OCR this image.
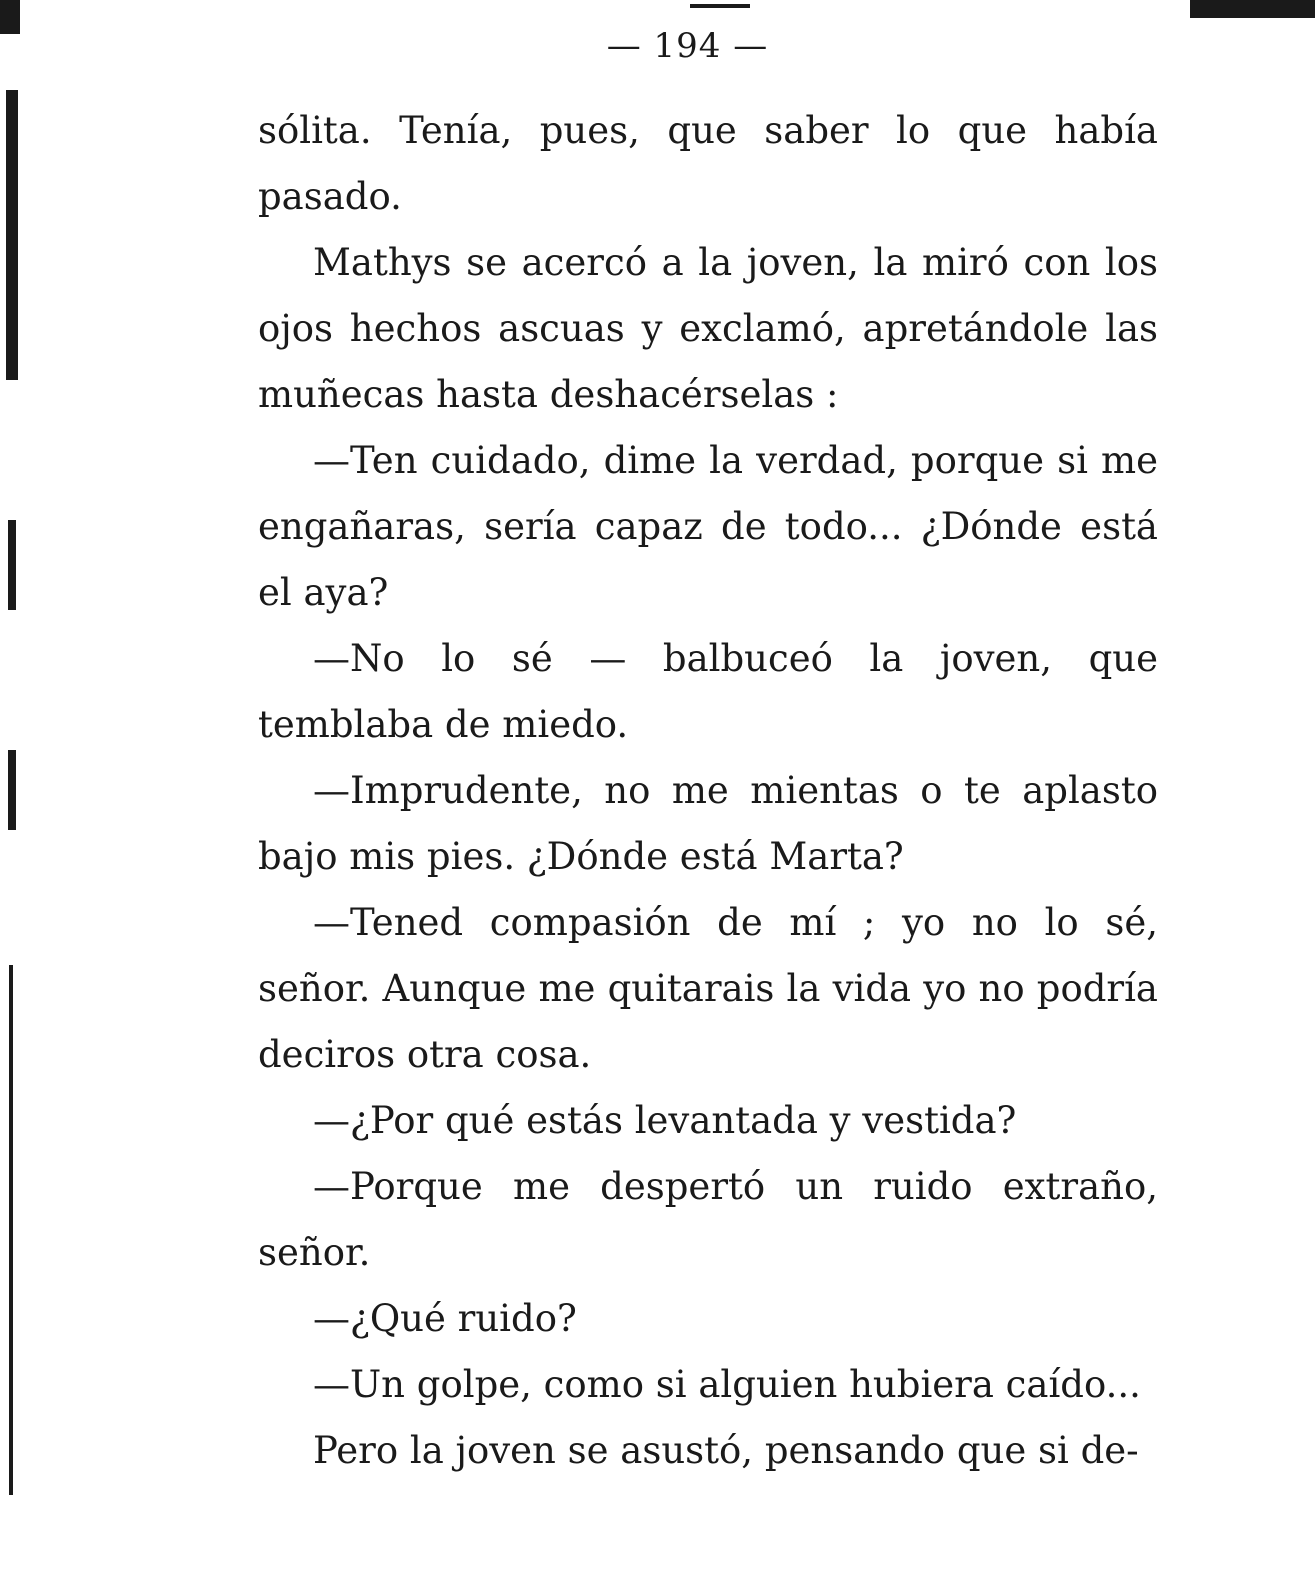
— 194 —

sólita. Tenía, pues, que saber lo que había pasado.

Mathys se acercó a la joven, la miró con los ojos hechos ascuas y exclamó, apretándole las muñecas hasta deshacérselas :

—Ten cuidado, dime la verdad, porque si me engañaras, sería capaz de todo... ¿Dónde está el aya?

—No lo sé — balbuceó la joven, que temblaba de miedo.

—Imprudente, no me mientas o te aplasto bajo mis pies. ¿Dónde está Marta?

—Tened compasión de mí ; yo no lo sé, señor. Aunque me quitarais la vida yo no podría deciros otra cosa.

—¿Por qué estás levantada y vestida?

—Porque me despertó un ruido extraño, señor.

—¿Qué ruido?

—Un golpe, como si alguien hubiera caído...

Pero la joven se asustó, pensando que si de-
